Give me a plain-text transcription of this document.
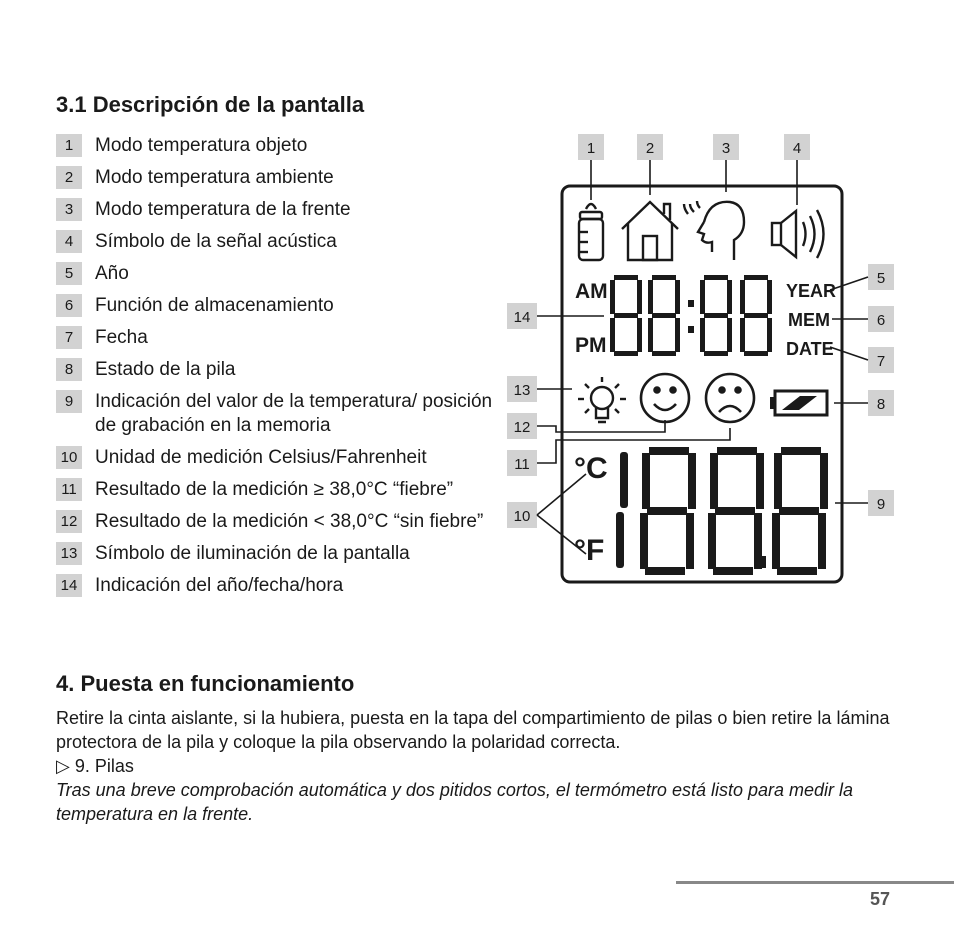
3.1 Descripción de la pantalla
1	Modo temperatura objeto
2	Modo temperatura ambiente
3	Modo temperatura de la frente
4	Símbolo de la señal acústica
5	Año
6	Función de almacenamiento
7	Fecha
8	Estado de la pila
9	Indicación del valor de la temperatura/ posición de grabación en la memoria
10 Unidad de medición Celsius/Fahrenheit
11 Resultado de la medición ≥ 38,0°C “fiebre”
12 Resultado de la medición < 38,0°C “sin fiebre”
13 Símbolo de iluminación de la pantalla
14 Indicación del año/fecha/hora
1	2	3	4
5
6
7
8
9
10
11
12
13
14
AM
PM
YEAR
MEM
DATE
°C
°F
4. Puesta en funcionamiento

Retire la cinta aislante, si la hubiera, puesta en la tapa del compartimiento de pilas o bien retire la lámina protectora de la pila y coloque la pila observando la polaridad correcta.

▷ 9. Pilas

Tras una breve comprobación automática y dos pitidos cortos, el termómetro está listo para medir la temperatura en la frente.

57
